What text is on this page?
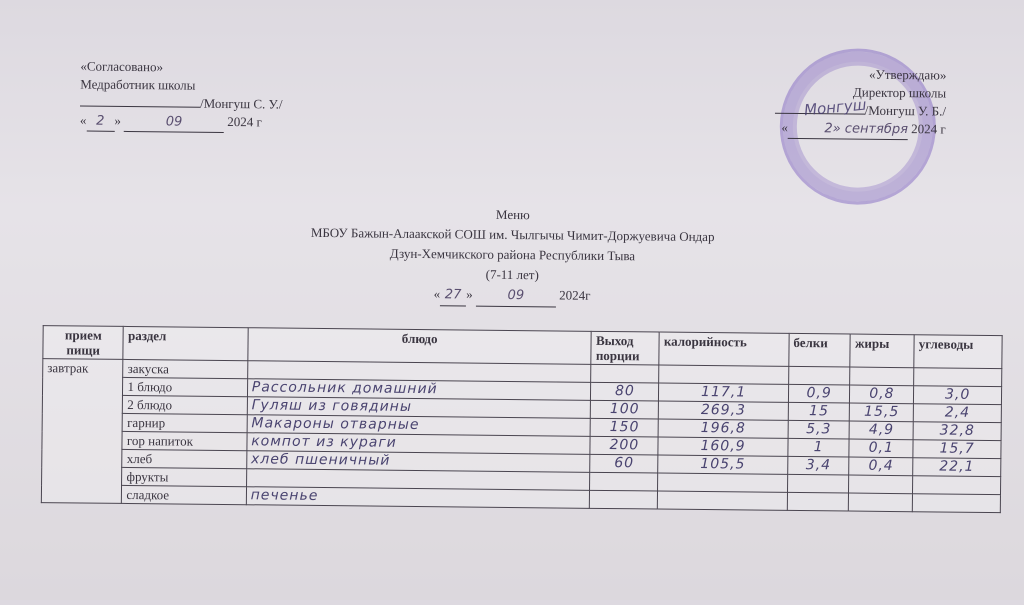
«Согласовано»
Медработник школы
/Монгуш С. У./
« 2 »	09	2024 г
«Утверждаю»
Директор школы
/Монгуш У. Б./
«	2» сентября 2024 г
Монгуш
Меню
МБОУ Бажын-Алаакской СОШ им. Чылгычы Чимит-Доржуевича Ондар
Дзун-Хемчикского района Республики Тыва
(7-11 лет)
« 27 »	09	2024г
прием пищи	раздел	блюдо	Выход порции	калорийность	белки	жиры	углеводы
завтрак	закуска						
	1 блюдо	Рассольник домашний	80	117,1	0,9	0,8	3,0
	2 блюдо	Гуляш из говядины	100	269,3	15	15,5	2,4
	гарнир	Макароны отварные	150	196,8	5,3	4,9	32,8
	гор напиток	компот из кураги	200	160,9	1	0,1	15,7
	хлеб	хлеб пшеничный	60	105,5	3,4	0,4	22,1
	фрукты						
	сладкое	печенье					
